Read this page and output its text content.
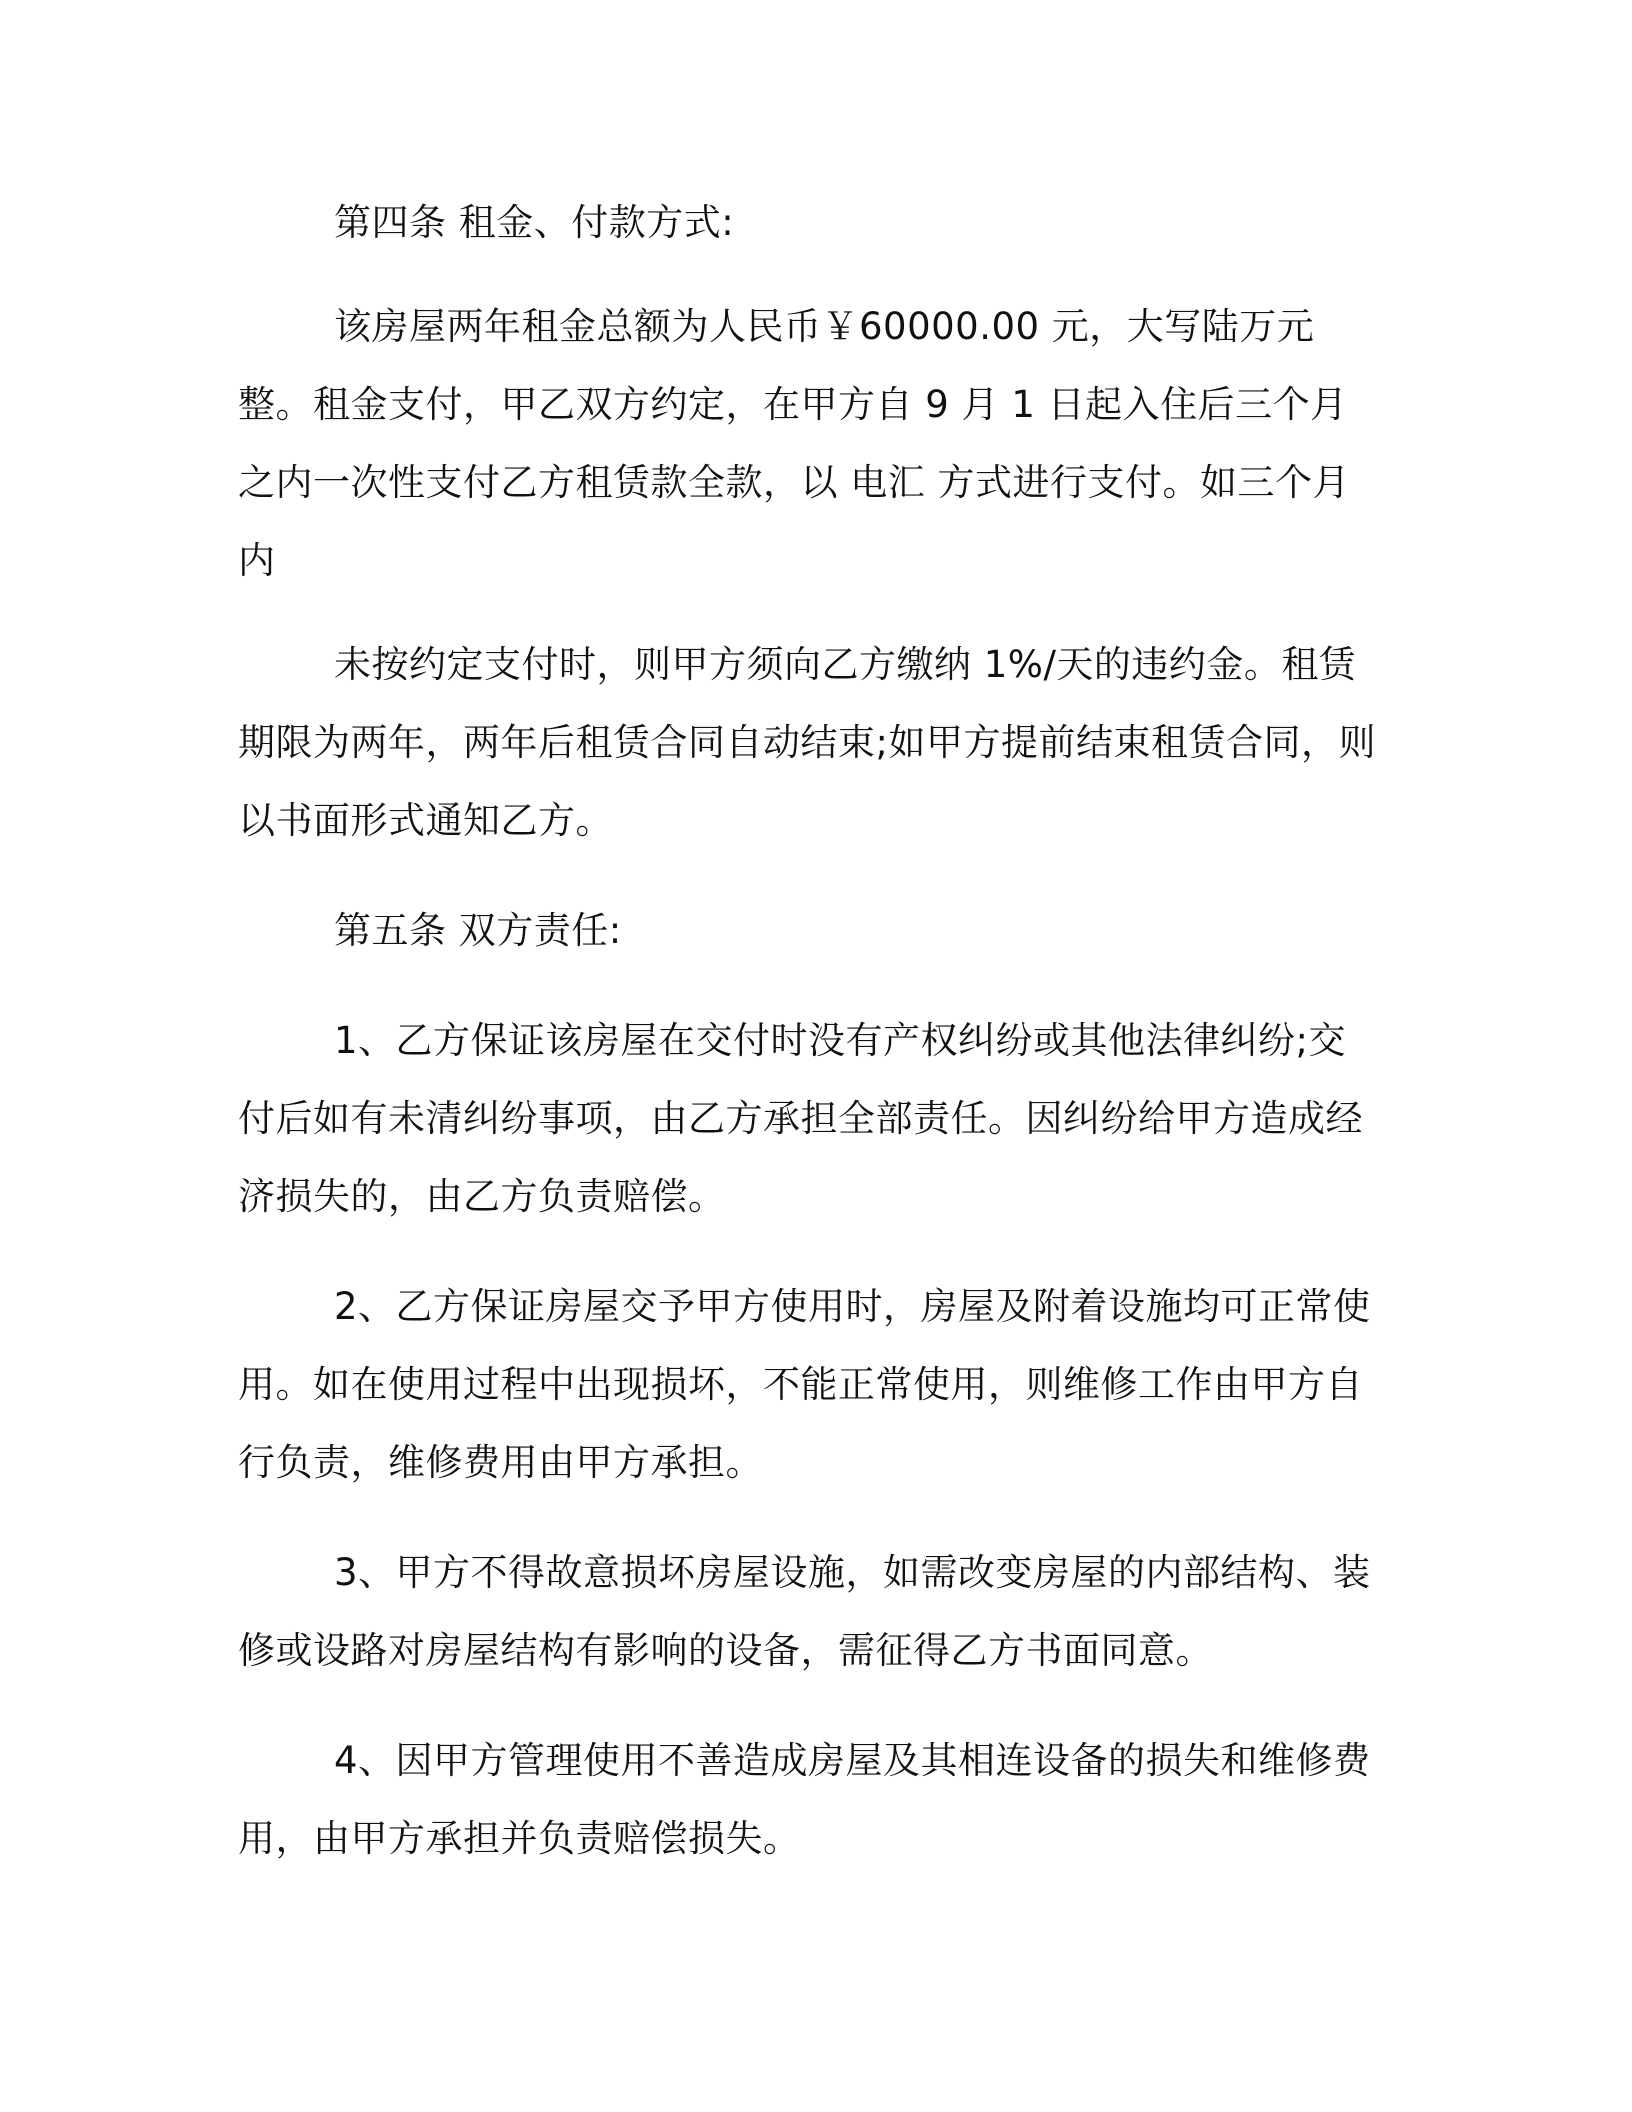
第四条 租金、付款方式:

该房屋两年租金总额为人民币￥60000.00 元，大写陆万元整。租金支付，甲乙双方约定，在甲方自 9 月 1 日起入住后三个月之内一次性支付乙方租赁款全款，以 电汇 方式进行支付。如三个月内

未按约定支付时，则甲方须向乙方缴纳 1%/天的违约金。租赁期限为两年，两年后租赁合同自动结束;如甲方提前结束租赁合同，则以书面形式通知乙方。

第五条 双方责任:

1、乙方保证该房屋在交付时没有产权纠纷或其他法律纠纷;交付后如有未清纠纷事项，由乙方承担全部责任。因纠纷给甲方造成经济损失的，由乙方负责赔偿。

2、乙方保证房屋交予甲方使用时，房屋及附着设施均可正常使用。如在使用过程中出现损坏，不能正常使用，则维修工作由甲方自行负责，维修费用由甲方承担。

3、甲方不得故意损坏房屋设施，如需改变房屋的内部结构、装修或设路对房屋结构有影响的设备，需征得乙方书面同意。

4、因甲方管理使用不善造成房屋及其相连设备的损失和维修费用，由甲方承担并负责赔偿损失。
